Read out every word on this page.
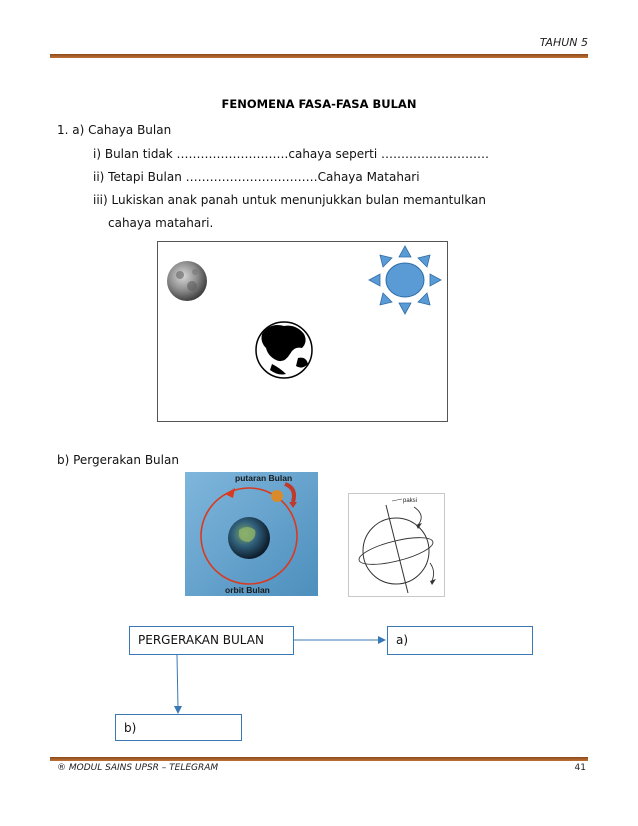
TAHUN 5
FENOMENA FASA-FASA BULAN
1. a) Cahaya Bulan
i) Bulan tidak ……………………….cahaya seperti ………………………
ii) Tetapi Bulan ……………………………Cahaya Matahari
iii) Lukiskan anak panah untuk menunjukkan bulan memantulkan
cahaya matahari.
b) Pergerakan Bulan
putaran Bulan
orbit Bulan
paksi
PERGERAKAN BULAN	a)
b)
® MODUL SAINS UPSR – TELEGRAM	41
